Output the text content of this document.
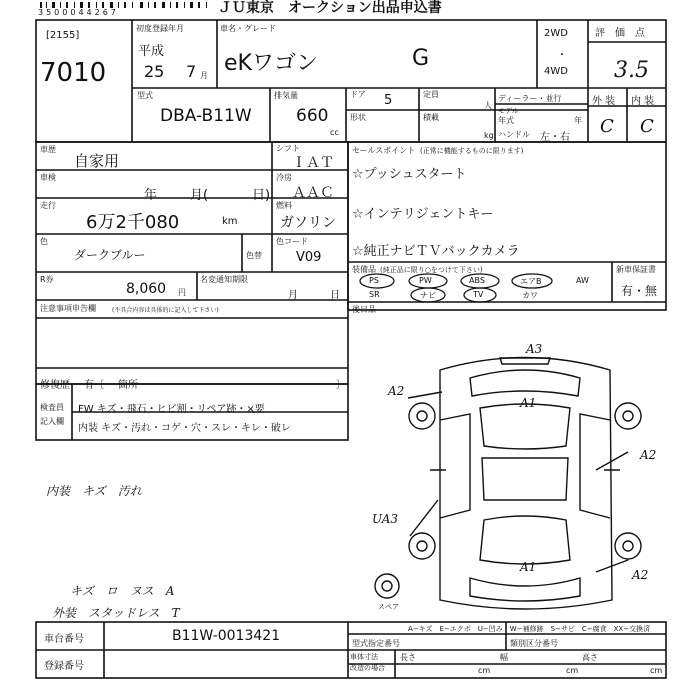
3500044267	ＪＵ東京　オークション出品申込書
[2155]
7010
初度登録年月
平成
25 7 月
車名・グレード
eKワゴン	G
2WD
・
4WD
評　価　点
3.5
外 装 内 装
C C
型式
DBA-B11W
排気量
660
cc
ドア 5	定員
人
ディーラー・並行
形状	積載
kg
モデル
年式	年
ハンドル 左・右
車歴
自家用
シフト
ＩＡＴ
車検
年	月(	日)
冷房
ＡＡＣ
走行
6万2千080	km
燃料
ガソリン
色
ダークブルー	色替
色コード
V09
R券
8,060 円
名変通知期限
月	日
注意事項申告欄	(不具合内容は具体的に記入して下さい)
修復歴 有〔 箇所	〕
検査員
記入欄
FW キズ・飛石・ヒビ割・リペア跡・×要
内装 キズ・汚れ・コゲ・穴・スレ・キレ・破レ
セールスポイント (正常に機能するものに限ります)
☆プッシュスタート
☆インテリジェントキー
☆純正ナビＴＶバックカメラ
装備品 (純正品に限り○をつけて下さい)
PS	PW	ABS	エアB	AW
SR	ナビ	TV	カワ
新車保証書
有・無
後日品
A3
A2
A1
A2
UA3
A1
A2
スペア
A−キズ　E−エクボ　U−凹み　W−補修跡　S−サビ　C−腐食　XX−交換済
内装　キズ　汚れ
キズ　ロ　ヌス　A
外装　スタッドレス　T
車台番号	B11W-0013421
登録番号
型式指定番号	類別区分番号
車体寸法
改造の場合
長さ
cm
幅
cm
高さ
cm
